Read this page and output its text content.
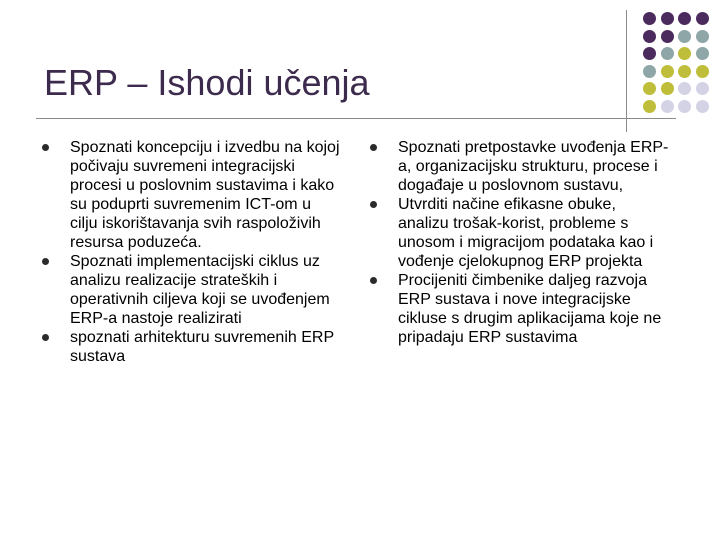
ERP – Ishodi učenja
Spoznati koncepciju i izvedbu na kojoj počivaju suvremeni integracijski procesi u poslovnim sustavima i kako su poduprti suvremenim ICT-om u cilju iskorištavanja svih raspoloživih resursa poduzeća.
Spoznati implementacijski ciklus uz analizu realizacije strateških i operativnih ciljeva koji se uvođenjem ERP-a nastoje realizirati
spoznati arhitekturu suvremenih ERP sustava
Spoznati pretpostavke uvođenja ERP-a, organizacijsku strukturu, procese i događaje u poslovnom sustavu,
Utvrditi načine efikasne obuke, analizu trošak-korist, probleme s unosom i migracijom podataka kao i vođenje cjelokupnog ERP projekta
Procijeniti čimbenike daljeg razvoja ERP sustava i nove integracijske cikluse s drugim aplikacijama koje ne pripadaju ERP sustavima
